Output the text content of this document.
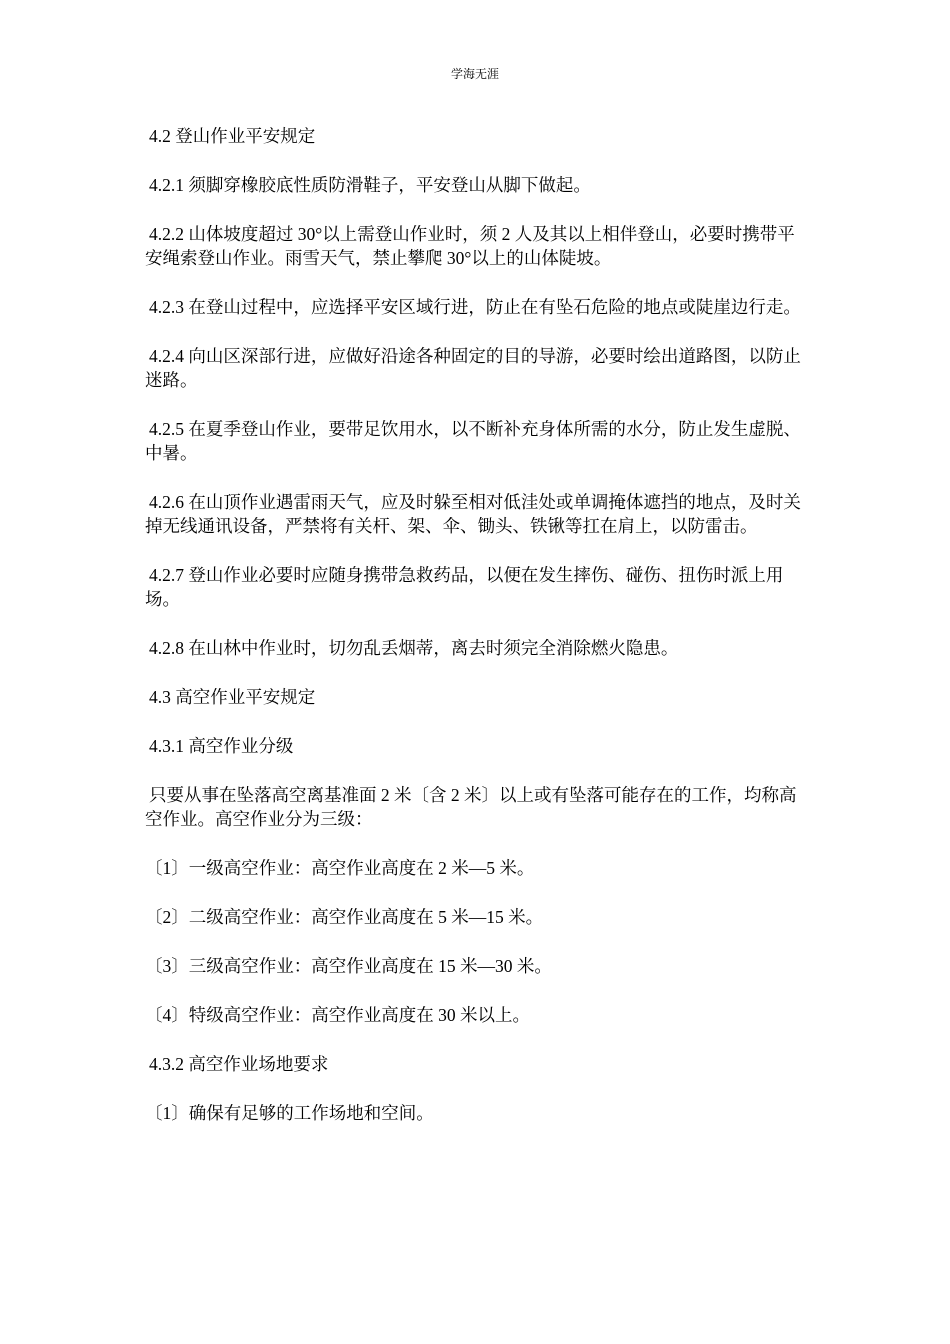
学海无涯

4.2 登山作业平安规定

4.2.1 须脚穿橡胶底性质防滑鞋子，平安登山从脚下做起。

4.2.2 山体坡度超过 30°以上需登山作业时，须 2 人及其以上相伴登山，必要时携带平安绳索登山作业。雨雪天气，禁止攀爬 30°以上的山体陡坡。

4.2.3 在登山过程中，应选择平安区域行进，防止在有坠石危险的地点或陡崖边行走。

4.2.4 向山区深部行进，应做好沿途各种固定的目的导游，必要时绘出道路图，以防止迷路。

4.2.5 在夏季登山作业，要带足饮用水，以不断补充身体所需的水分，防止发生虚脱、中暑。

4.2.6 在山顶作业遇雷雨天气，应及时躲至相对低洼处或单调掩体遮挡的地点，及时关掉无线通讯设备，严禁将有关杆、架、伞、锄头、铁锹等扛在肩上，以防雷击。

4.2.7 登山作业必要时应随身携带急救药品，以便在发生摔伤、碰伤、扭伤时派上用场。

4.2.8 在山林中作业时，切勿乱丢烟蒂，离去时须完全消除燃火隐患。

4.3 高空作业平安规定

4.3.1 高空作业分级

只要从事在坠落高空离基准面 2 米〔含 2 米〕以上或有坠落可能存在的工作，均称高空作业。高空作业分为三级：

〔1〕一级高空作业：高空作业高度在 2 米—5 米。

〔2〕二级高空作业：高空作业高度在 5 米—15 米。

〔3〕三级高空作业：高空作业高度在 15 米—30 米。

〔4〕特级高空作业：高空作业高度在 30 米以上。

4.3.2 高空作业场地要求

〔1〕确保有足够的工作场地和空间。
